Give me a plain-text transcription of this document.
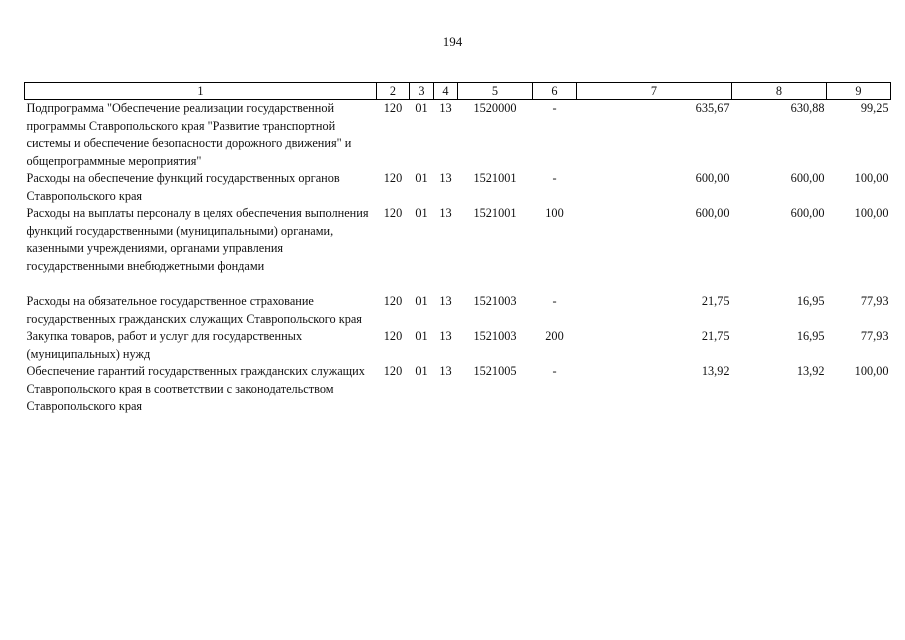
194
1	2	3	4	5	6	7	8	9
Подпрограмма "Обеспечение реализации государственной программы Ставропольского края "Развитие транспортной системы и обеспечение безопасности дорожного движения" и общепрограммные мероприятия"	120	01	13	1520000	-	635,67	630,88	99,25
Расходы на обеспечение функций государственных органов Ставропольского края	120	01	13	1521001	-	600,00	600,00	100,00
Расходы на выплаты персоналу в целях обеспечения выполнения функций государственными (муниципальными) органами, казенными учреждениями, органами управления государственными внебюджетными фондами	120	01	13	1521001	100	600,00	600,00	100,00

Расходы на обязательное государственное страхование государственных гражданских служащих Ставропольского края	120	01	13	1521003	-	21,75	16,95	77,93
Закупка товаров, работ и услуг для государственных (муниципальных) нужд	120	01	13	1521003	200	21,75	16,95	77,93
Обеспечение гарантий государственных гражданских служащих Ставропольского края в соответствии с законодательством Ставропольского края	120	01	13	1521005	-	13,92	13,92	100,00
